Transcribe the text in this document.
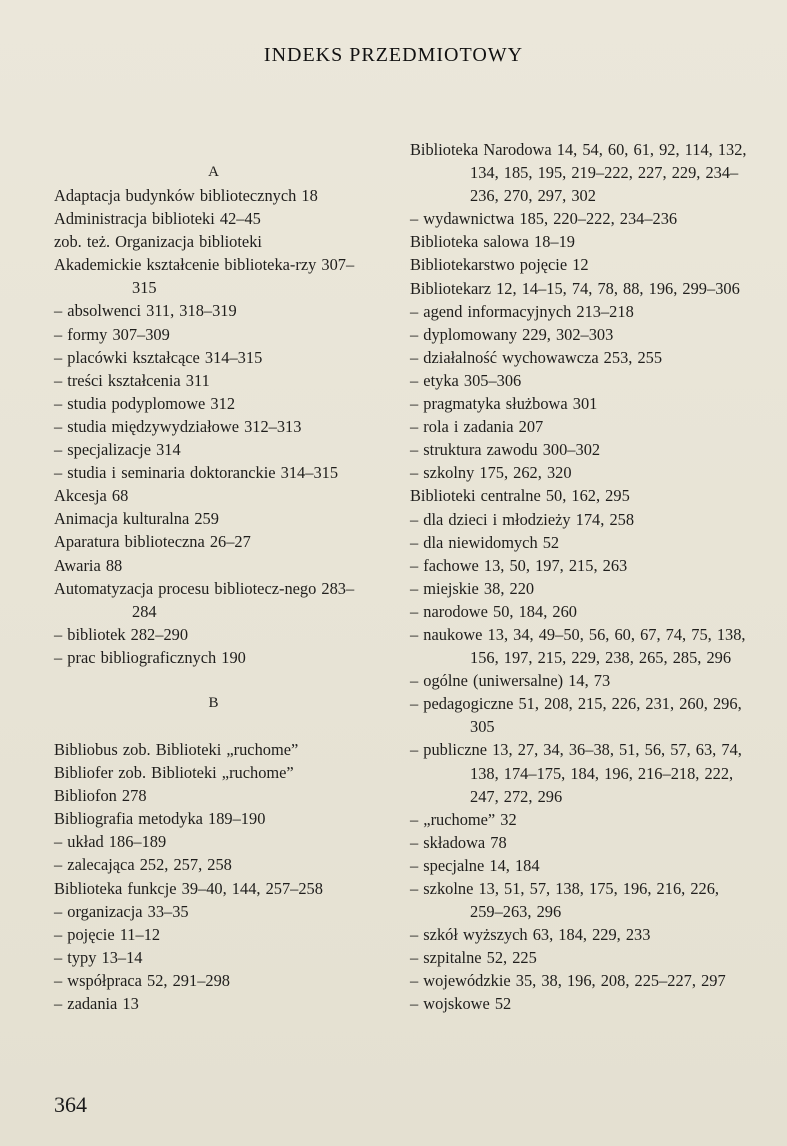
INDEKS PRZEDMIOTOWY
A
Adaptacja budynków bibliotecznych 18
Administracja biblioteki 42–45
zob. też. Organizacja biblioteki
Akademickie kształcenie biblioteka-rzy 307–315
– absolwenci 311, 318–319
– formy 307–309
– placówki kształcące 314–315
– treści kształcenia 311
– studia podyplomowe 312
– studia międzywydziałowe 312–313
– specjalizacje 314
– studia i seminaria doktoranckie 314–315
Akcesja 68
Animacja kulturalna 259
Aparatura biblioteczna 26–27
Awaria 88
Automatyzacja procesu bibliotecz-nego 283–284
– bibliotek 282–290
– prac bibliograficznych 190
B
Bibliobus zob. Biblioteki „ruchome”
Bibliofer zob. Biblioteki „ruchome”
Bibliofon 278
Bibliografia metodyka 189–190
– układ 186–189
– zalecająca 252, 257, 258
Biblioteka funkcje 39–40, 144, 257–258
– organizacja 33–35
– pojęcie 11–12
– typy 13–14
– współpraca 52, 291–298
– zadania 13
Biblioteka Narodowa 14, 54, 60, 61, 92, 114, 132, 134, 185, 195, 219–222, 227, 229, 234–236, 270, 297, 302
– wydawnictwa 185, 220–222, 234–236
Biblioteka salowa 18–19
Bibliotekarstwo pojęcie 12
Bibliotekarz 12, 14–15, 74, 78, 88, 196, 299–306
– agend informacyjnych 213–218
– dyplomowany 229, 302–303
– działalność wychowawcza 253, 255
– etyka 305–306
– pragmatyka służbowa 301
– rola i zadania 207
– struktura zawodu 300–302
– szkolny 175, 262, 320
Biblioteki centralne 50, 162, 295
– dla dzieci i młodzieży 174, 258
– dla niewidomych 52
– fachowe 13, 50, 197, 215, 263
– miejskie 38, 220
– narodowe 50, 184, 260
– naukowe 13, 34, 49–50, 56, 60, 67, 74, 75, 138, 156, 197, 215, 229, 238, 265, 285, 296
– ogólne (uniwersalne) 14, 73
– pedagogiczne 51, 208, 215, 226, 231, 260, 296, 305
– publiczne 13, 27, 34, 36–38, 51, 56, 57, 63, 74, 138, 174–175, 184, 196, 216–218, 222, 247, 272, 296
– „ruchome” 32
– składowa 78
– specjalne 14, 184
– szkolne 13, 51, 57, 138, 175, 196, 216, 226, 259–263, 296
– szkół wyższych 63, 184, 229, 233
– szpitalne 52, 225
– wojewódzkie 35, 38, 196, 208, 225–227, 297
– wojskowe 52
364
